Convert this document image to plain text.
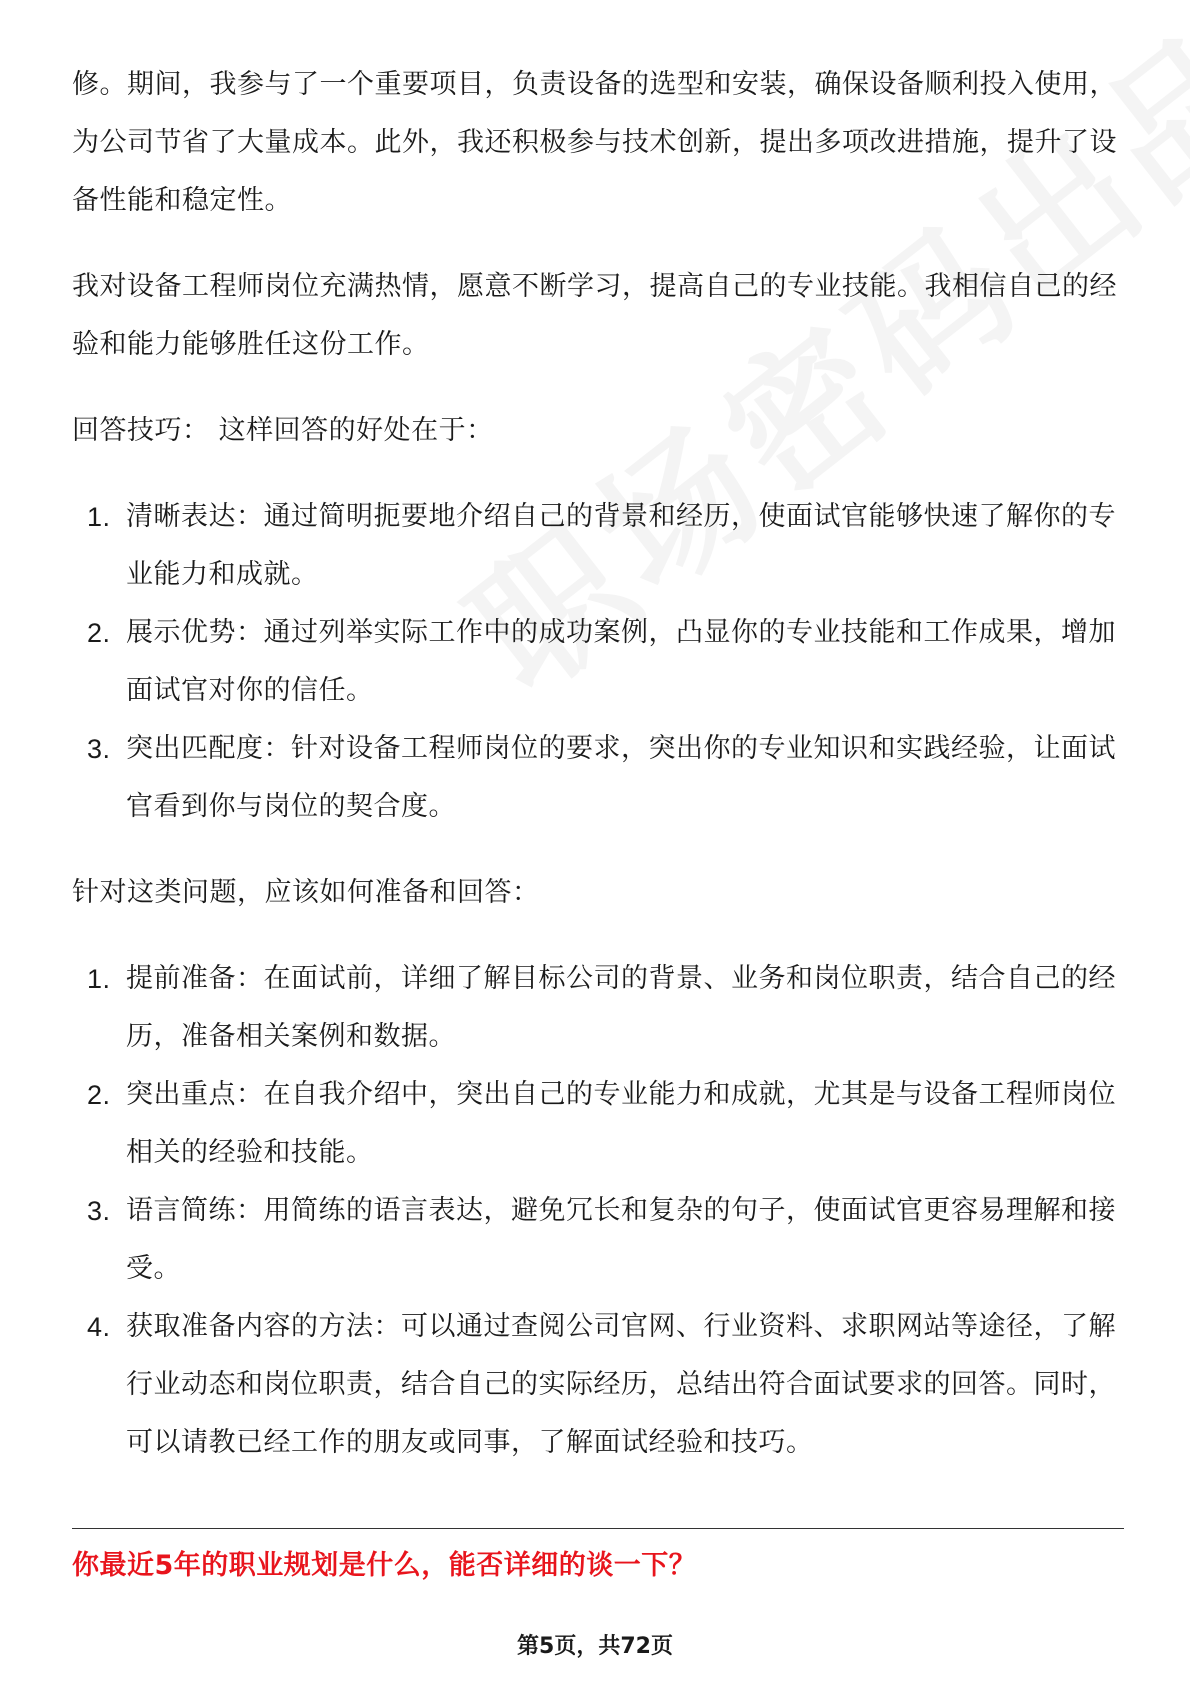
修。期间，我参与了一个重要项目，负责设备的选型和安装，确保设备顺利投入使用，为公司节省了大量成本。此外，我还积极参与技术创新，提出多项改进措施，提升了设备性能和稳定性。

我对设备工程师岗位充满热情，愿意不断学习，提高自己的专业技能。我相信自己的经验和能力能够胜任这份工作。

回答技巧： 这样回答的好处在于：

1. 清晰表达：通过简明扼要地介绍自己的背景和经历，使面试官能够快速了解你的专业能力和成就。
2. 展示优势：通过列举实际工作中的成功案例，凸显你的专业技能和工作成果，增加面试官对你的信任。
3. 突出匹配度：针对设备工程师岗位的要求，突出你的专业知识和实践经验，让面试官看到你与岗位的契合度。

针对这类问题，应该如何准备和回答：

1. 提前准备：在面试前，详细了解目标公司的背景、业务和岗位职责，结合自己的经历，准备相关案例和数据。
2. 突出重点：在自我介绍中，突出自己的专业能力和成就，尤其是与设备工程师岗位相关的经验和技能。
3. 语言简练：用简练的语言表达，避免冗长和复杂的句子，使面试官更容易理解和接受。
4. 获取准备内容的方法：可以通过查阅公司官网、行业资料、求职网站等途径，了解行业动态和岗位职责，结合自己的实际经历，总结出符合面试要求的回答。同时，可以请教已经工作的朋友或同事，了解面试经验和技巧。
你最近5年的职业规划是什么，能否详细的谈一下？
第5页，共72页
